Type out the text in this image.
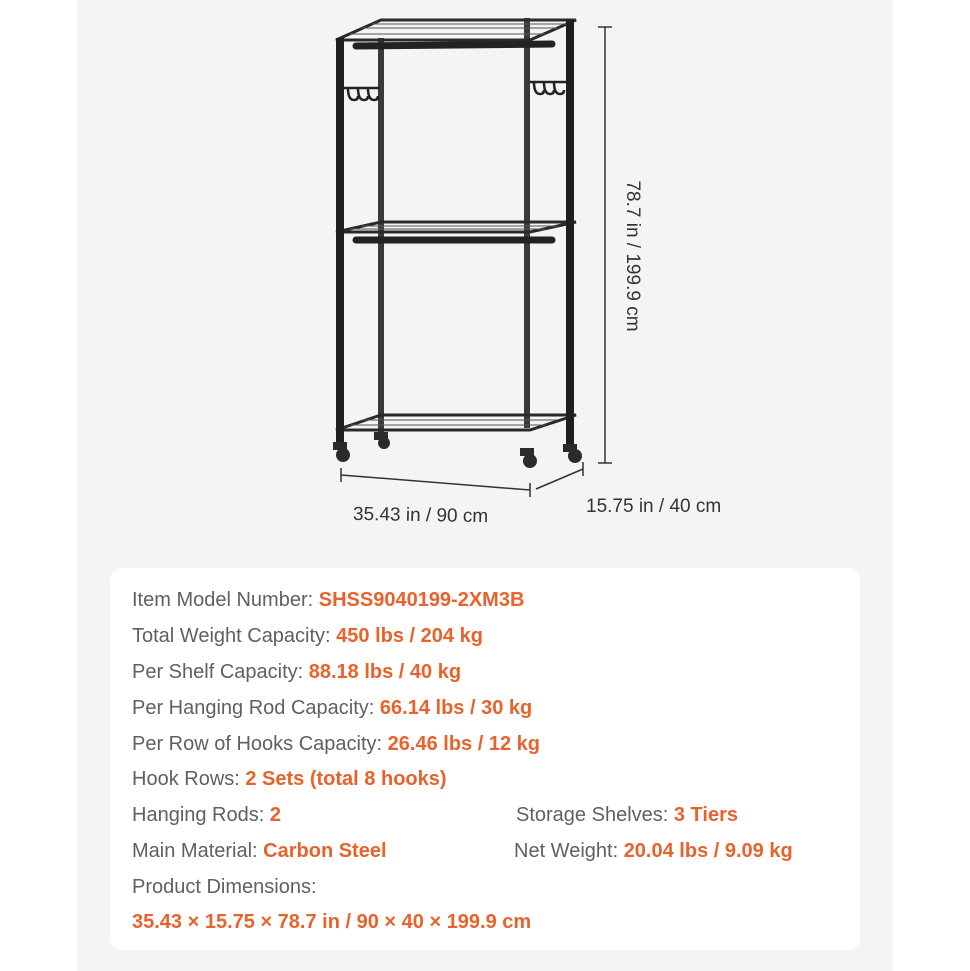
35.43 in / 90 cm	15.75 in / 40 cm
78.7 in / 199.9 cm
Item Model Number: SHSS9040199-2XM3B
Total Weight Capacity: 450 lbs / 204 kg
Per Shelf Capacity: 88.18 lbs / 40 kg
Per Hanging Rod Capacity: 66.14 lbs / 30 kg
Per Row of Hooks Capacity: 26.46 lbs / 12 kg
Hook Rows: 2 Sets (total 8 hooks)
Hanging Rods: 2	Storage Shelves: 3 Tiers
Main Material: Carbon Steel	Net Weight: 20.04 lbs / 9.09 kg
Product Dimensions:
35.43 × 15.75 × 78.7 in / 90 × 40 × 199.9 cm
